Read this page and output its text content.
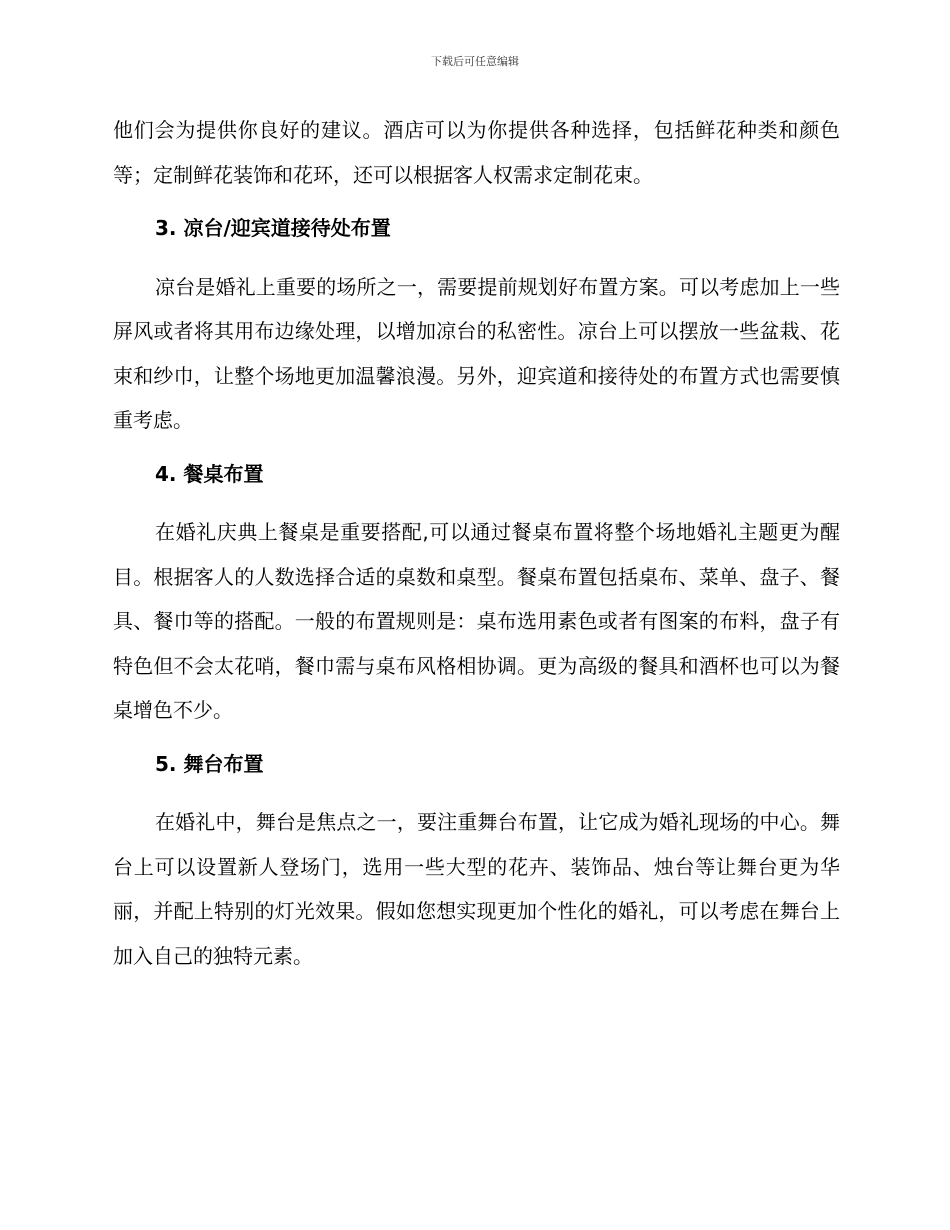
下载后可任意编辑

他们会为提供你良好的建议。酒店可以为你提供各种选择，包括鲜花种类和颜色等；定制鲜花装饰和花环，还可以根据客人权需求定制花束。

3. 凉台/迎宾道接待处布置

凉台是婚礼上重要的场所之一，需要提前规划好布置方案。可以考虑加上一些屏风或者将其用布边缘处理，以增加凉台的私密性。凉台上可以摆放一些盆栽、花束和纱巾，让整个场地更加温馨浪漫。另外，迎宾道和接待处的布置方式也需要慎重考虑。

4. 餐桌布置

在婚礼庆典上餐桌是重要搭配,可以通过餐桌布置将整个场地婚礼主题更为醒目。根据客人的人数选择合适的桌数和桌型。餐桌布置包括桌布、菜单、盘子、餐具、餐巾等的搭配。一般的布置规则是：桌布选用素色或者有图案的布料，盘子有特色但不会太花哨，餐巾需与桌布风格相协调。更为高级的餐具和酒杯也可以为餐桌增色不少。

5. 舞台布置

在婚礼中，舞台是焦点之一，要注重舞台布置，让它成为婚礼现场的中心。舞台上可以设置新人登场门，选用一些大型的花卉、装饰品、烛台等让舞台更为华丽，并配上特别的灯光效果。假如您想实现更加个性化的婚礼，可以考虑在舞台上加入自己的独特元素。
